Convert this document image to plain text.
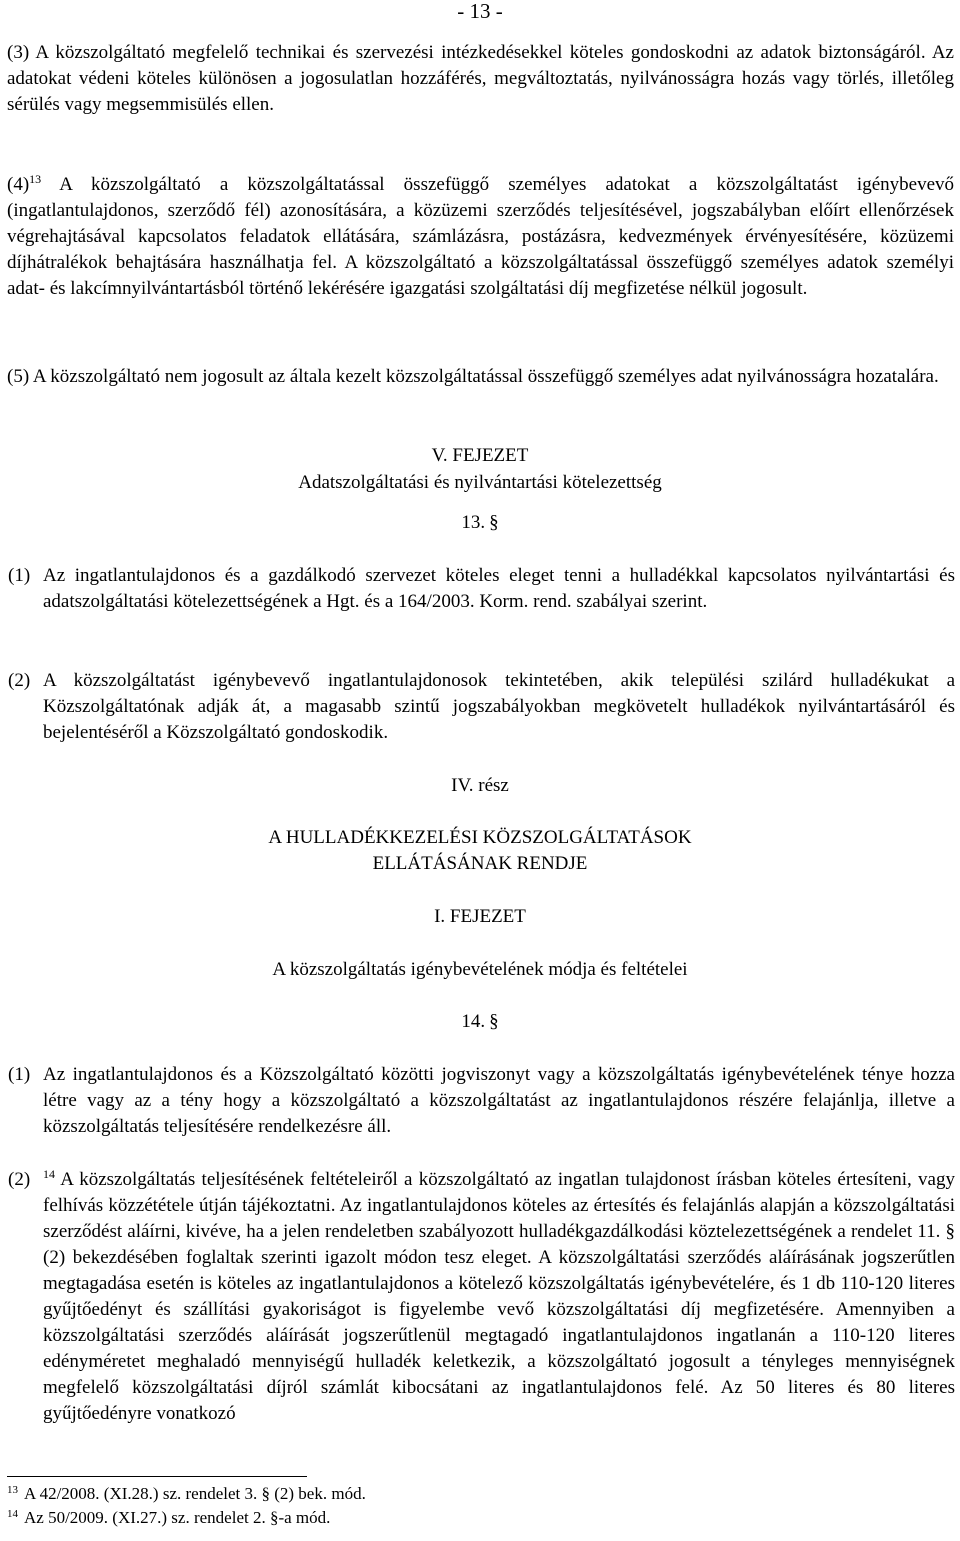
- 13 -
(3) A közszolgáltató megfelelő technikai és szervezési intézkedésekkel köteles gondoskodni az adatok biztonságáról. Az adatokat védeni köteles különösen a jogosulatlan hozzáférés, megváltoztatás, nyilvánosságra hozás vagy törlés, illetőleg sérülés vagy megsemmisülés ellen.
$(4)^{13}$ A közszolgáltató a közszolgáltatással összefüggő személyes adatokat a közszolgáltatást igénybevevő (ingatlantulajdonos, szerződő fél) azonosítására, a közüzemi szerződés teljesítésével, jogszabályban előírt ellenőrzések végrehajtásával kapcsolatos feladatok ellátására, számlázásra, postázásra, kedvezmények érvényesítésére, közüzemi díjhátralékok behajtására használhatja fel. A közszolgáltató a közszolgáltatással összefüggő személyes adatok személyi adat- és lakcímnyilvántartásból történő lekérésére igazgatási szolgáltatási díj megfizetése nélkül jogosult.
(5) A közszolgáltató nem jogosult az általa kezelt közszolgáltatással összefüggő személyes adat nyilvánosságra hozatalára.
V. FEJEZET
Adatszolgáltatási és nyilvántartási kötelezettség
13. §
(1) Az ingatlantulajdonos és a gazdálkodó szervezet köteles eleget tenni a hulladékkal kapcsolatos nyilvántartási és adatszolgáltatási kötelezettségének a Hgt. és a 164/2003. Korm. rend. szabályai szerint.
(2) A közszolgáltatást igénybevevő ingatlantulajdonosok tekintetében, akik települési szilárd hulladékukat a Közszolgáltatónak adják át, a magasabb szintű jogszabályokban megkövetelt hulladékok nyilvántartásáról és bejelentéséről a Közszolgáltató gondoskodik.
IV. rész
A HULLADÉKKEZELÉSI KÖZSZOLGÁLTATÁSOK
ELLÁTÁSÁNAK RENDJE
I. FEJEZET
A közszolgáltatás igénybevételének módja és feltételei
14. §
(1) Az ingatlantulajdonos és a Közszolgáltató közötti jogviszonyt vagy a közszolgáltatás igénybevételének ténye hozza létre vagy az a tény hogy a közszolgáltató a közszolgáltatást az ingatlantulajdonos részére felajánlja, illetve a közszolgáltatás teljesítésére rendelkezésre áll.
(2) $^{14}$ A közszolgáltatás teljesítésének feltételeiről a közszolgáltató az ingatlan tulajdonost írásban köteles értesíteni, vagy felhívás közzététele útján tájékoztatni. Az ingatlantulajdonos köteles az értesítés és felajánlás alapján a közszolgáltatási szerződést aláírni, kivéve, ha a jelen rendeletben szabályozott hulladékgazdálkodási köztelezettségének a rendelet 11. § (2) bekezdésében foglaltak szerinti igazolt módon tesz eleget. A közszolgáltatási szerződés aláírásának jogszerűtlen megtagadása esetén is köteles az ingatlantulajdonos a kötelező közszolgáltatás igénybevételére, és 1 db 110-120 literes gyűjtőedényt és szállítási gyakoriságot is figyelembe vevő közszolgáltatási díj megfizetésére. Amennyiben a közszolgáltatási szerződés aláírását jogszerűtlenül megtagadó ingatlantulajdonos ingatlanán a 110-120 literes edényméretet meghaladó mennyiségű hulladék keletkezik, a közszolgáltató jogosult a tényleges mennyiségnek megfelelő közszolgáltatási díjról számlát kibocsátani az ingatlantulajdonos felé. Az 50 literes és 80 literes gyűjtőedényre vonatkozó
$^{13}$ A 42/2008. (XI.28.) sz. rendelet 3. § (2) bek. mód.
$^{14}$ Az 50/2009. (XI.27.) sz. rendelet 2. §-a mód.
